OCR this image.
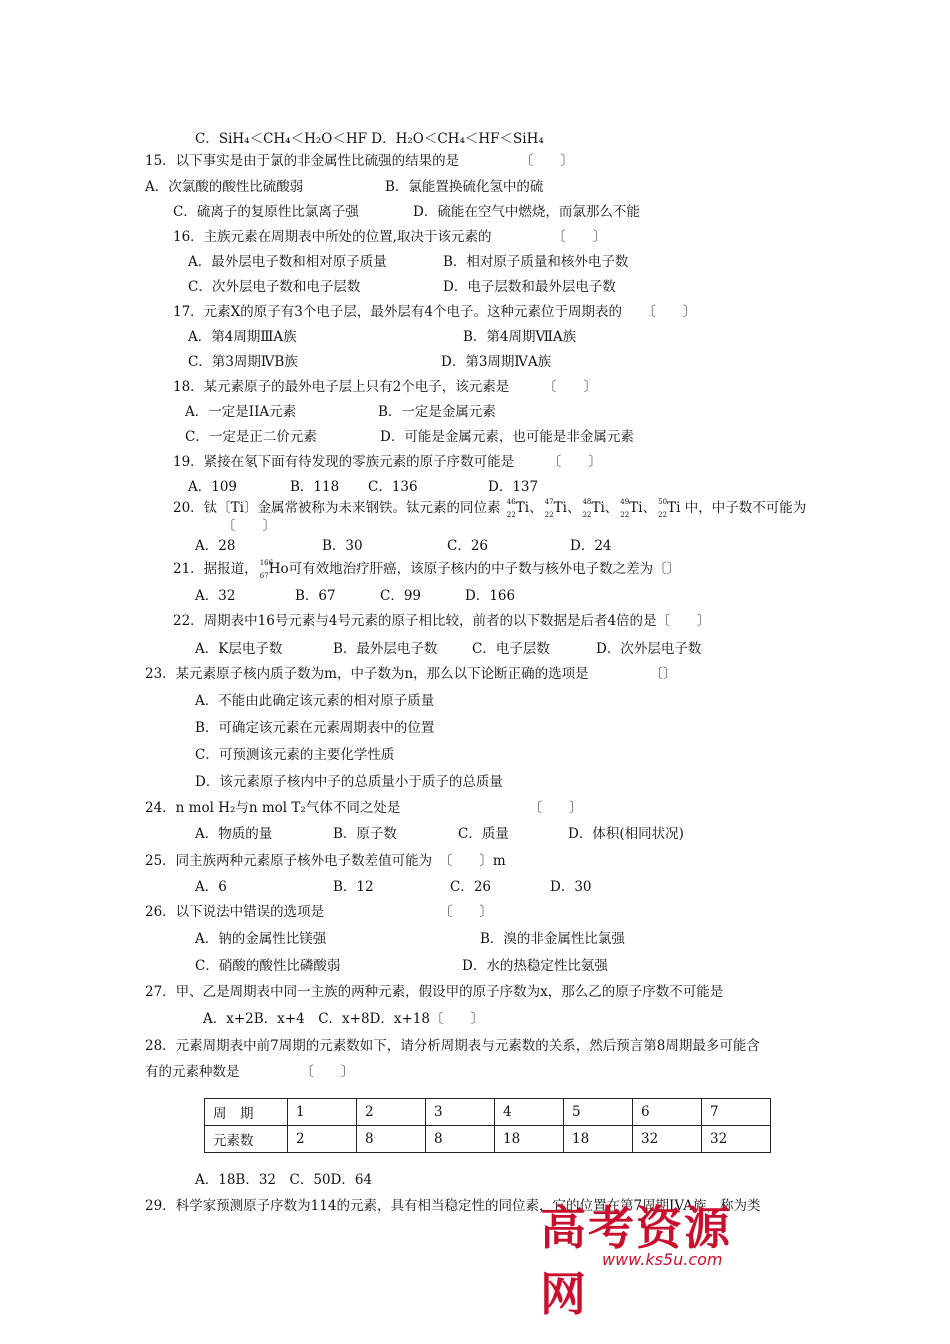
C．SiH₄＜CH₄＜H₂O＜HF D．H₂O＜CH₄＜HF＜SiH₄
15．以下事实是由于氯的非金属性比硫强的结果的是　　　　　〔　　〕
A．次氯酸的酸性比硫酸弱	B．氯能置换硫化氢中的硫
C．硫离子的复原性比氯离子强	D．硫能在空气中燃烧，而氯那么不能
16．主族元素在周期表中所处的位置,取决于该元素的　　　　　〔　　〕
A．最外层电子数和相对原子质量	B．相对原子质量和核外电子数
C．次外层电子数和电子层数	D．电子层数和最外层电子数
17．元素X的原子有3个电子层，最外层有4个电子。这种元素位于周期表的　　〔　　〕
A．第4周期ⅢA族	B．第4周期ⅦA族
C．第3周期ⅣB族	D．第3周期ⅣA族
18．某元素原子的最外电子层上只有2个电子，该元素是　　　〔　　〕
A．一定是IIA元素	B．一定是金属元素
C．一定是正二价元素	D．可能是金属元素，也可能是非金属元素
19．紧接在氡下面有待发现的零族元素的原子序数可能是　　　〔　　〕
A．109	B．118 C．136	D．137
20．钛〔Ti〕金属常被称为未来钢铁。钛元素的同位素 46
22 Ti、 47
22 Ti、 48
22 Ti、 49
22 Ti、 50
22 Ti 中，中子数不可能为
〔　　〕
A．28	B．30	C．26	D．24
21．据报道， 166
67 Ho可有效地治疗肝癌，该原子核内的中子数与核外电子数之差为〔〕
A．32	B．67	C．99	D．166
22．周期表中16号元素与4号元素的原子相比较，前者的以下数据是后者4倍的是〔　　〕
A．K层电子数	B．最外层电子数	C．电子层数	D．次外层电子数
23．某元素原子核内质子数为m，中子数为n，那么以下论断正确的选项是　　　　　〔〕
A．不能由此确定该元素的相对原子质量
B．可确定该元素在元素周期表中的位置
C．可预测该元素的主要化学性质
D．该元素原子核内中子的总质量小于质子的总质量
24．n mol H₂与n mol T₂气体不同之处是　　　　　　　　　　〔　　〕
A．物质的量	B．原子数	C．质量	D．体积(相同状况)
25．同主族两种元素原子核外电子数差值可能为　〔　　〕m
A．6	B．12	C．26	D．30
26．以下说法中错误的选项是　　　　　　　　　〔　　〕
A．钠的金属性比镁强	B．溴的非金属性比氯强
C．硝酸的酸性比磷酸弱	D．水的热稳定性比氨强
27．甲、乙是周期表中同一主族的两种元素，假设甲的原子序数为x，那么乙的原子序数不可能是
A．x+2B．x+4　C．x+8D．x+18〔　　〕
28．元素周期表中前7周期的元素数如下，请分析周期表与元素数的关系，然后预言第8周期最多可能含
有的元素种数是　　　　　〔　　〕
周　期	1	2	3	4	5	6	7
元素数	2	8	8	18	18	32	32
A．18B．32　C．50D．64
29．科学家预测原子序数为114的元素，具有相当稳定性的同位素，它的位置在第7周期IVA族，称为类
高考资源网
www.ks5u.com
